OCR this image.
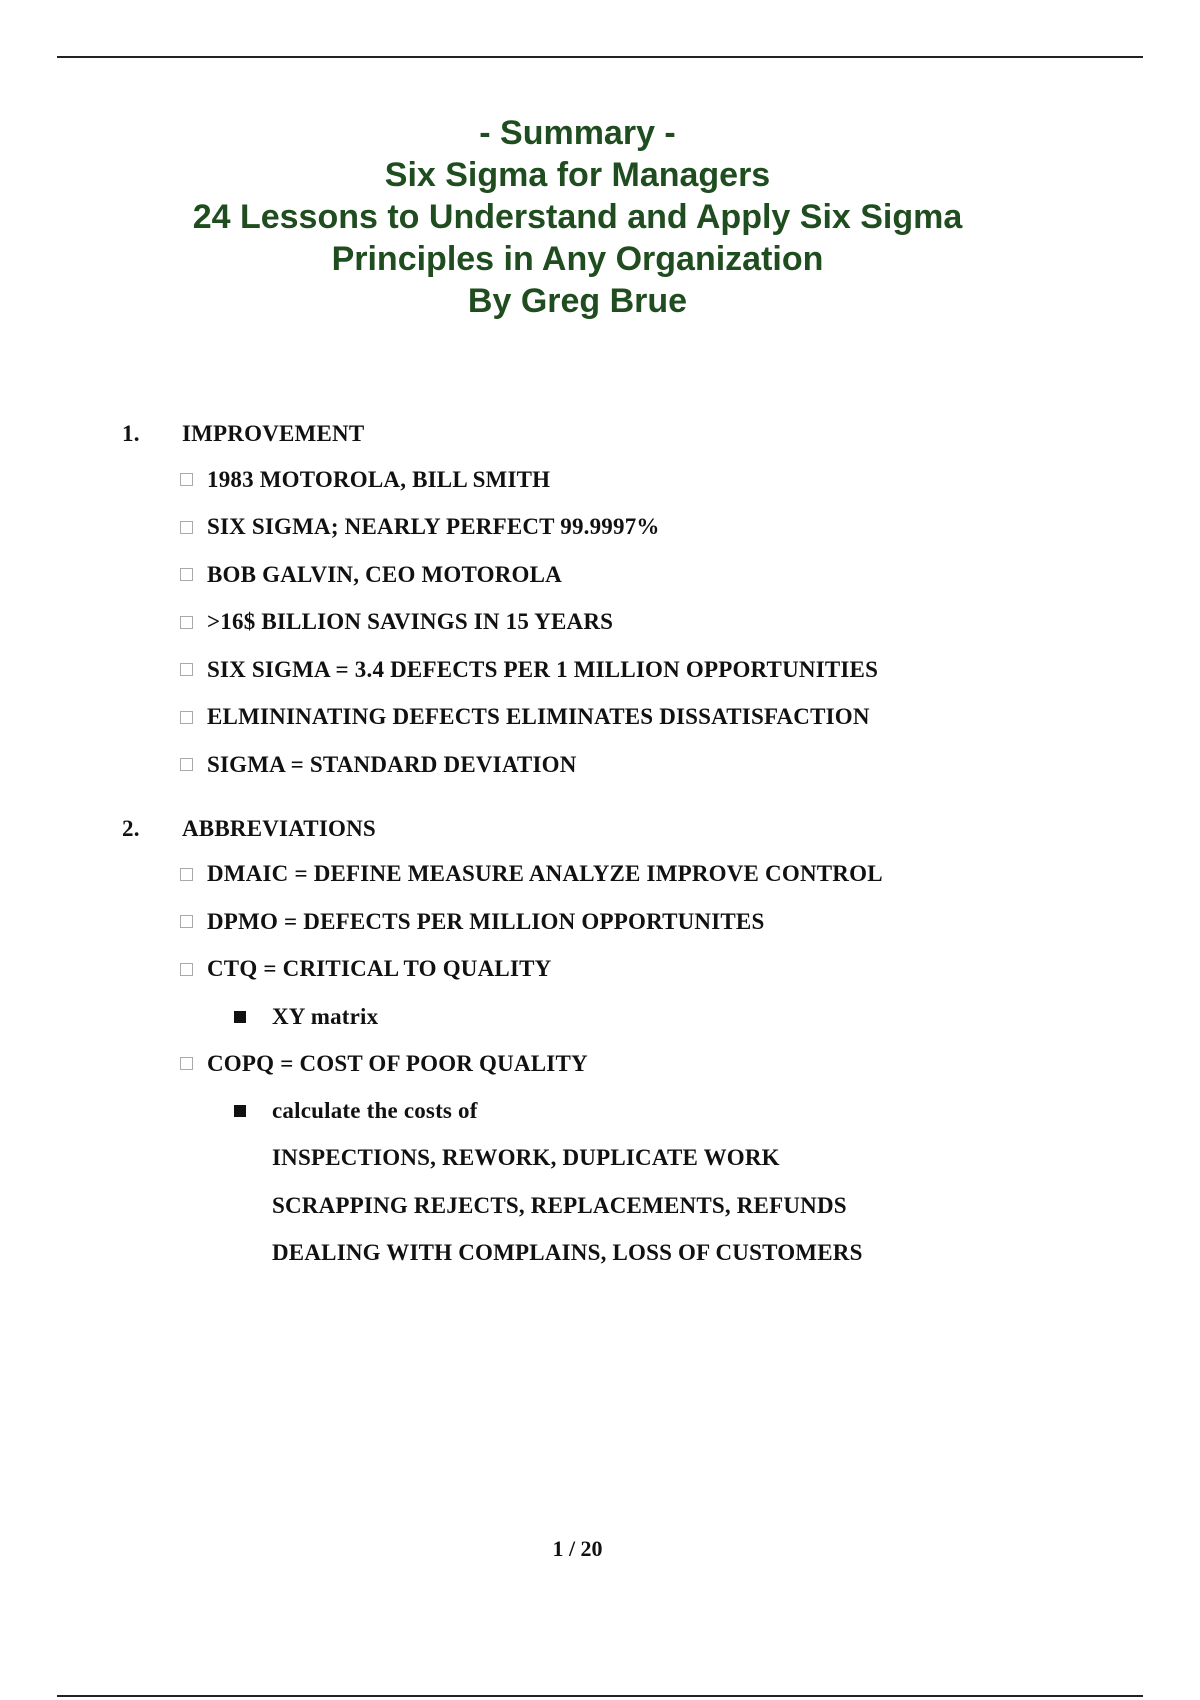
- Summary -
Six Sigma for Managers
24 Lessons to Understand and Apply Six Sigma
Principles in Any Organization
By Greg Brue
1.	IMPROVEMENT
1983 MOTOROLA, BILL SMITH
SIX SIGMA; NEARLY PERFECT 99.9997%
BOB GALVIN, CEO MOTOROLA
>16$ BILLION SAVINGS IN 15 YEARS
SIX SIGMA = 3.4 DEFECTS PER 1 MILLION OPPORTUNITIES
ELMININATING DEFECTS ELIMINATES DISSATISFACTION
SIGMA = STANDARD DEVIATION
2.	ABBREVIATIONS
DMAIC = DEFINE MEASURE ANALYZE IMPROVE CONTROL
DPMO = DEFECTS PER MILLION OPPORTUNITES
CTQ = CRITICAL TO QUALITY
XY matrix
COPQ = COST OF POOR QUALITY
calculate the costs of
INSPECTIONS, REWORK, DUPLICATE WORK
SCRAPPING REJECTS, REPLACEMENTS, REFUNDS
DEALING WITH COMPLAINS, LOSS OF CUSTOMERS
1 / 20
